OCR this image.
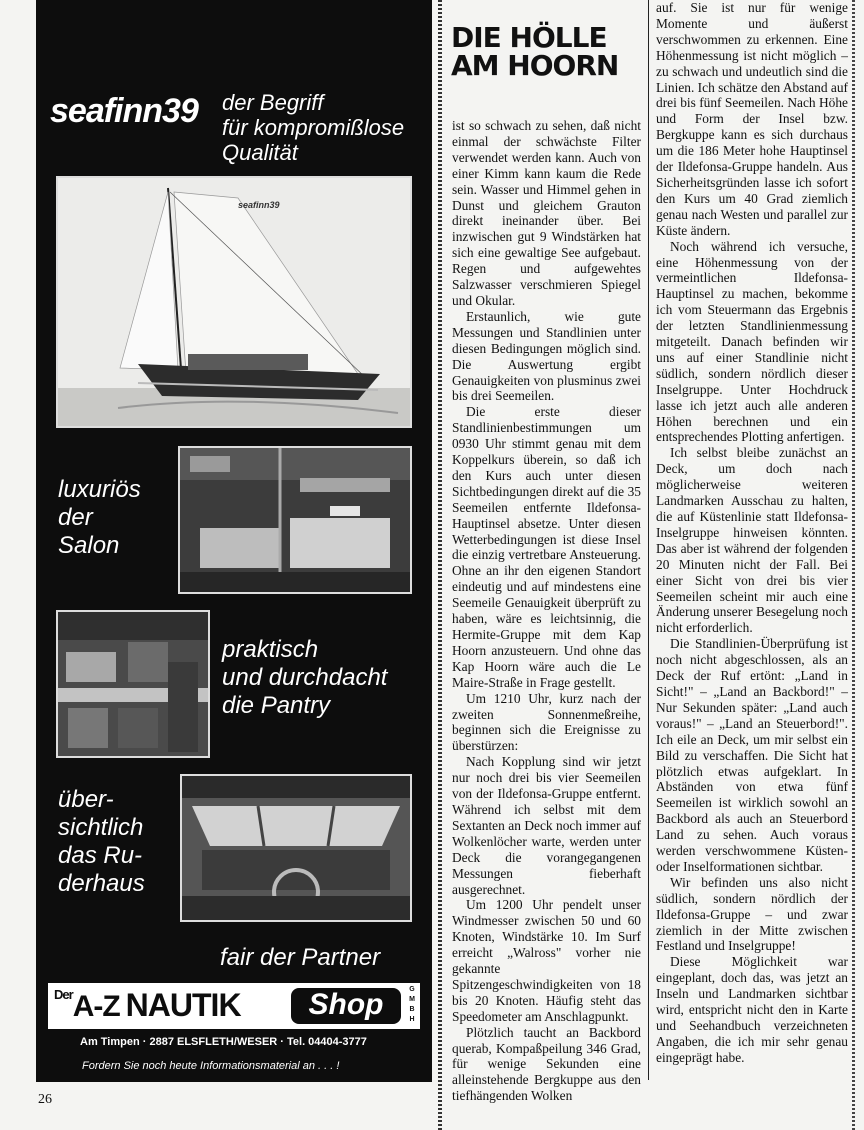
seafinn39 der Begriff
für kompromißlose
Qualität
seafinn39
luxuriös
der
Salon
praktisch
und durchdacht
die Pantry
über-
sichtlich
das Ru-
derhaus
fair der Partner
$^{Der}$A-Z NAUTIK	Shop	G M B H
Am Timpen · 2887 ELSFLETH/WESER · Tel. 04404-3777
Fordern Sie noch heute Informationsmaterial an . . . !
26
DIE HÖLLE
AM HOORN

ist so schwach zu sehen, daß nicht einmal der schwächste Filter verwendet werden kann. Auch von einer Kimm kann kaum die Rede sein. Wasser und Himmel gehen in Dunst und gleichem Grauton direkt ineinander über. Bei inzwischen gut 9 Windstärken hat sich eine gewaltige See aufgebaut. Regen und aufgewehtes Salzwasser verschmieren Spiegel und Okular.

Erstaunlich, wie gute Messungen und Standlinien unter diesen Bedingungen möglich sind. Die Auswertung ergibt Genauigkeiten von plusminus zwei bis drei Seemeilen.

Die erste dieser Standlinienbestimmungen um 0930 Uhr stimmt genau mit dem Koppelkurs überein, so daß ich den Kurs auch unter diesen Sichtbedingungen direkt auf die 35 Seemeilen entfernte Ildefonsa-Hauptinsel absetze. Unter diesen Wetterbedingungen ist diese Insel die einzig vertretbare Ansteuerung. Ohne an ihr den eigenen Standort eindeutig und auf mindestens eine Seemeile Genauigkeit überprüft zu haben, wäre es leichtsinnig, die Hermite-Gruppe mit dem Kap Hoorn anzusteuern. Und ohne das Kap Hoorn wäre auch die Le Maire-Straße in Frage gestellt.

Um 1210 Uhr, kurz nach der zweiten Sonnenmeßreihe, beginnen sich die Ereignisse zu überstürzen:

Nach Kopplung sind wir jetzt nur noch drei bis vier Seemeilen von der Ildefonsa-Gruppe entfernt. Während ich selbst mit dem Sextanten an Deck noch immer auf Wolkenlöcher warte, werden unter Deck die vorangegangenen Messungen fieberhaft ausgerechnet.

Um 1200 Uhr pendelt unser Windmesser zwischen 50 und 60 Knoten, Windstärke 10. Im Surf erreicht „Walross" vorher nie gekannte Spitzengeschwindigkeiten von 18 bis 20 Knoten. Häufig steht das Speedometer am Anschlagpunkt.

Plötzlich taucht an Backbord querab, Kompaßpeilung 346 Grad, für wenige Sekunden eine alleinstehende Bergkuppe aus den tiefhängenden Wolken

auf. Sie ist nur für wenige Momente und äußerst verschwommen zu erkennen. Eine Höhenmessung ist nicht möglich – zu schwach und undeutlich sind die Linien. Ich schätze den Abstand auf drei bis fünf Seemeilen. Nach Höhe und Form der Insel bzw. Bergkuppe kann es sich durchaus um die 186 Meter hohe Hauptinsel der Ildefonsa-Gruppe handeln. Aus Sicherheitsgründen lasse ich sofort den Kurs um 40 Grad ziemlich genau nach Westen und parallel zur Küste ändern.

Noch während ich versuche, eine Höhenmessung von der vermeintlichen Ildefonsa-Hauptinsel zu machen, bekomme ich vom Steuermann das Ergebnis der letzten Standlinienmessung mitgeteilt. Danach befinden wir uns auf einer Standlinie nicht südlich, sondern nördlich dieser Inselgruppe. Unter Hochdruck lasse ich jetzt auch alle anderen Höhen berechnen und ein entsprechendes Plotting anfertigen.

Ich selbst bleibe zunächst an Deck, um doch nach möglicherweise weiteren Landmarken Ausschau zu halten, die auf Küstenlinie statt Ildefonsa-Inselgruppe hinweisen könnten. Das aber ist während der folgenden 20 Minuten nicht der Fall. Bei einer Sicht von drei bis vier Seemeilen scheint mir auch eine Änderung unserer Besegelung noch nicht erforderlich.

Die Standlinien-Überprüfung ist noch nicht abgeschlossen, als an Deck der Ruf ertönt: „Land in Sicht!" – „Land an Backbord!" – Nur Sekunden später: „Land auch voraus!" – „Land an Steuerbord!". Ich eile an Deck, um mir selbst ein Bild zu verschaffen. Die Sicht hat plötzlich etwas aufgeklart. In Abständen von etwa fünf Seemeilen ist wirklich sowohl an Backbord als auch an Steuerbord Land zu sehen. Auch voraus werden verschwommene Küsten- oder Inselformationen sichtbar.

Wir befinden uns also nicht südlich, sondern nördlich der Ildefonsa-Gruppe – und zwar ziemlich in der Mitte zwischen Festland und Inselgruppe!

Diese Möglichkeit war eingeplant, doch das, was jetzt an Inseln und Landmarken sichtbar wird, entspricht nicht den in Karte und Seehandbuch verzeichneten Angaben, die ich mir sehr genau eingeprägt habe.
